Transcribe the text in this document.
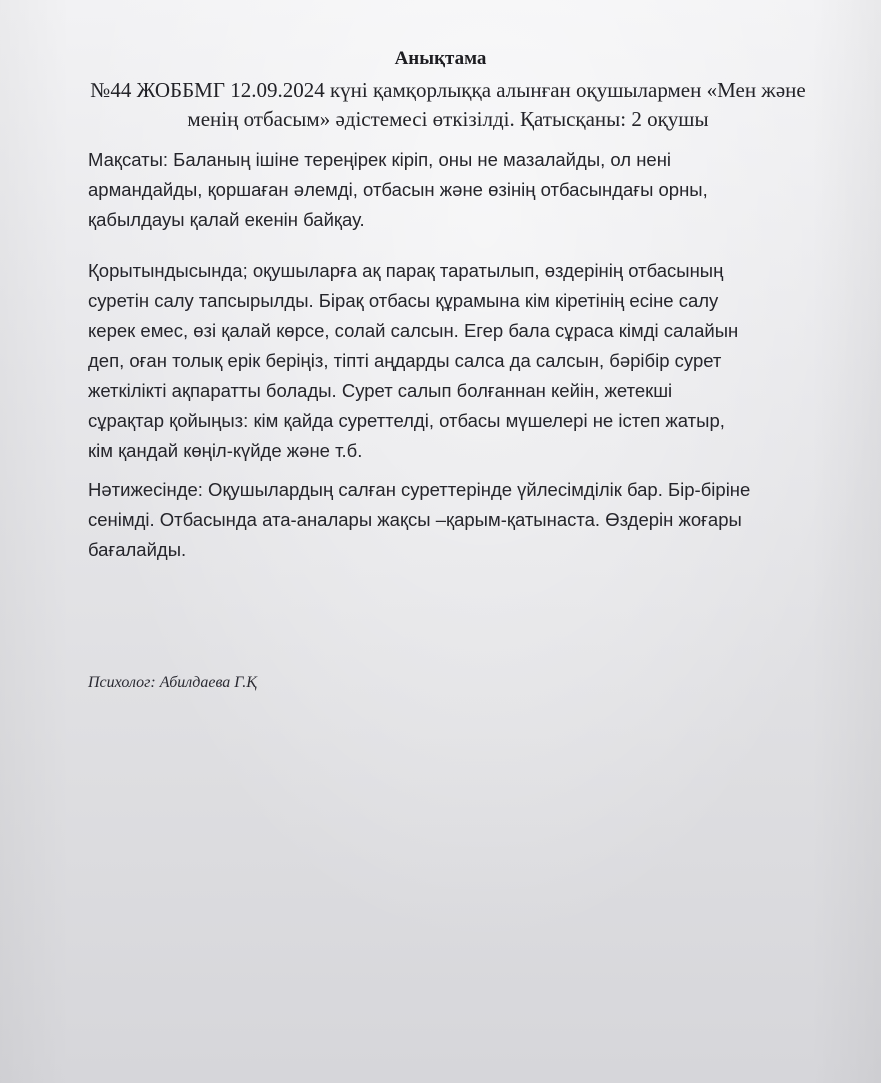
Анықтама
№44 ЖОББМГ 12.09.2024 күні қамқорлыққа алынған оқушылармен «Мен және менің отбасым» әдістемесі өткізілді. Қатысқаны: 2 оқушы
Мақсаты: Баланың ішіне тереңірек кіріп, оны не мазалайды, ол нені
армандайды, қоршаған әлемді, отбасын және өзінің отбасындағы орны,
қабылдауы қалай екенін байқау.
Қорытындысында; оқушыларға ақ парақ таратылып, өздерінің отбасының
суретін салу тапсырылды. Бірақ отбасы құрамына кім кіретінің есіне салу
керек емес, өзі қалай көрсе, солай салсын. Егер бала сұраса кімді салайын
деп, оған толық ерік беріңіз, тіпті аңдарды салса да салсын, бәрібір сурет
жеткілікті ақпаратты болады. Сурет салып болғаннан кейін, жетекші
сұрақтар қойыңыз: кім қайда суреттелді, отбасы мүшелері не істеп жатыр,
кім қандай көңіл-күйде және т.б.
Нәтижесінде: Оқушылардың салған суреттерінде үйлесімділік бар. Бір-біріне
сенімді. Отбасында ата-аналары жақсы –қарым-қатынаста. Өздерін жоғары
бағалайды.
Психолог: Абилдаева Г.Қ
